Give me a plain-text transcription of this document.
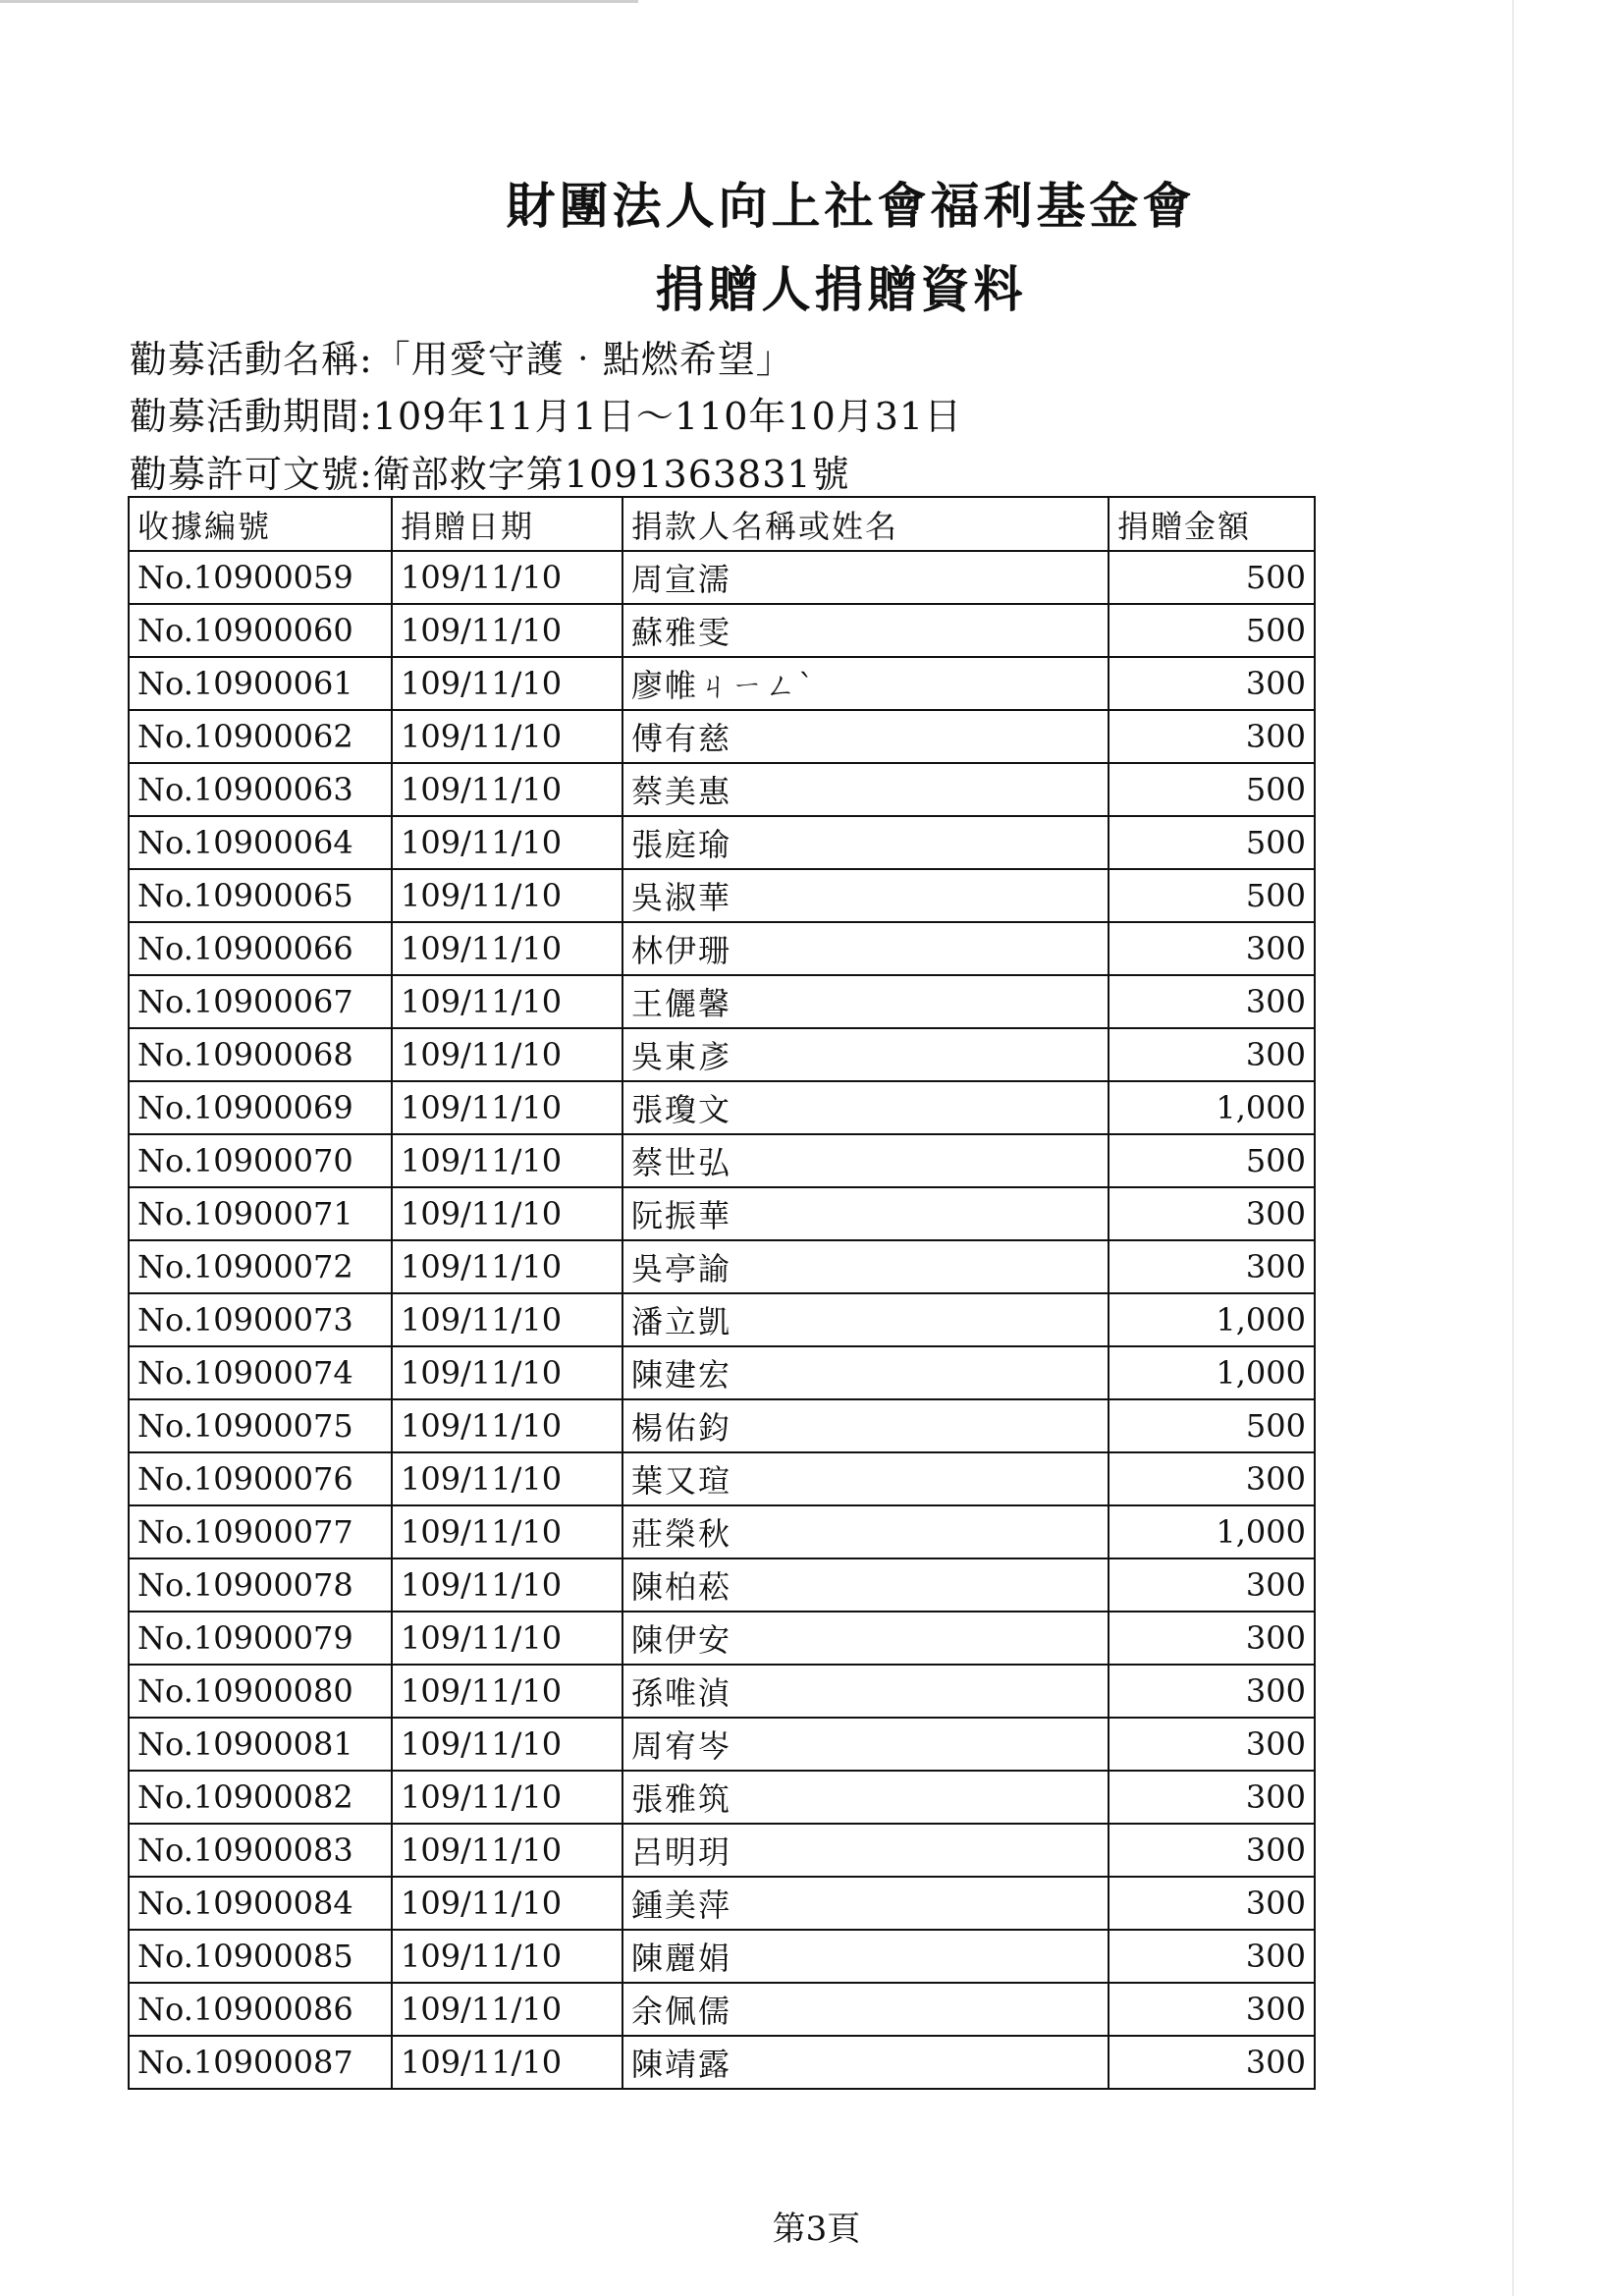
財團法人向上社會福利基金會
捐贈人捐贈資料
勸募活動名稱:「用愛守護‧點燃希望」
勸募活動期間:109年11月1日～110年10月31日
勸募許可文號:衛部救字第1091363831號
收據編號	捐贈日期	捐款人名稱或姓名	捐贈金額
No.10900059	109/11/10	周宣濡	500
No.10900060	109/11/10	蘇雅雯	500
No.10900061	109/11/10	廖帷ㄐㄧㄥˋ	300
No.10900062	109/11/10	傅有慈	300
No.10900063	109/11/10	蔡美惠	500
No.10900064	109/11/10	張庭瑜	500
No.10900065	109/11/10	吳淑華	500
No.10900066	109/11/10	林伊珊	300
No.10900067	109/11/10	王儷馨	300
No.10900068	109/11/10	吳東彥	300
No.10900069	109/11/10	張瓊文	1,000
No.10900070	109/11/10	蔡世弘	500
No.10900071	109/11/10	阮振華	300
No.10900072	109/11/10	吳亭諭	300
No.10900073	109/11/10	潘立凱	1,000
No.10900074	109/11/10	陳建宏	1,000
No.10900075	109/11/10	楊佑鈞	500
No.10900076	109/11/10	葉又瑄	300
No.10900077	109/11/10	莊榮秋	1,000
No.10900078	109/11/10	陳柏菘	300
No.10900079	109/11/10	陳伊安	300
No.10900080	109/11/10	孫唯湞	300
No.10900081	109/11/10	周宥岑	300
No.10900082	109/11/10	張雅筑	300
No.10900083	109/11/10	呂明玥	300
No.10900084	109/11/10	鍾美萍	300
No.10900085	109/11/10	陳麗娟	300
No.10900086	109/11/10	余佩儒	300
No.10900087	109/11/10	陳靖露	300
第3頁
